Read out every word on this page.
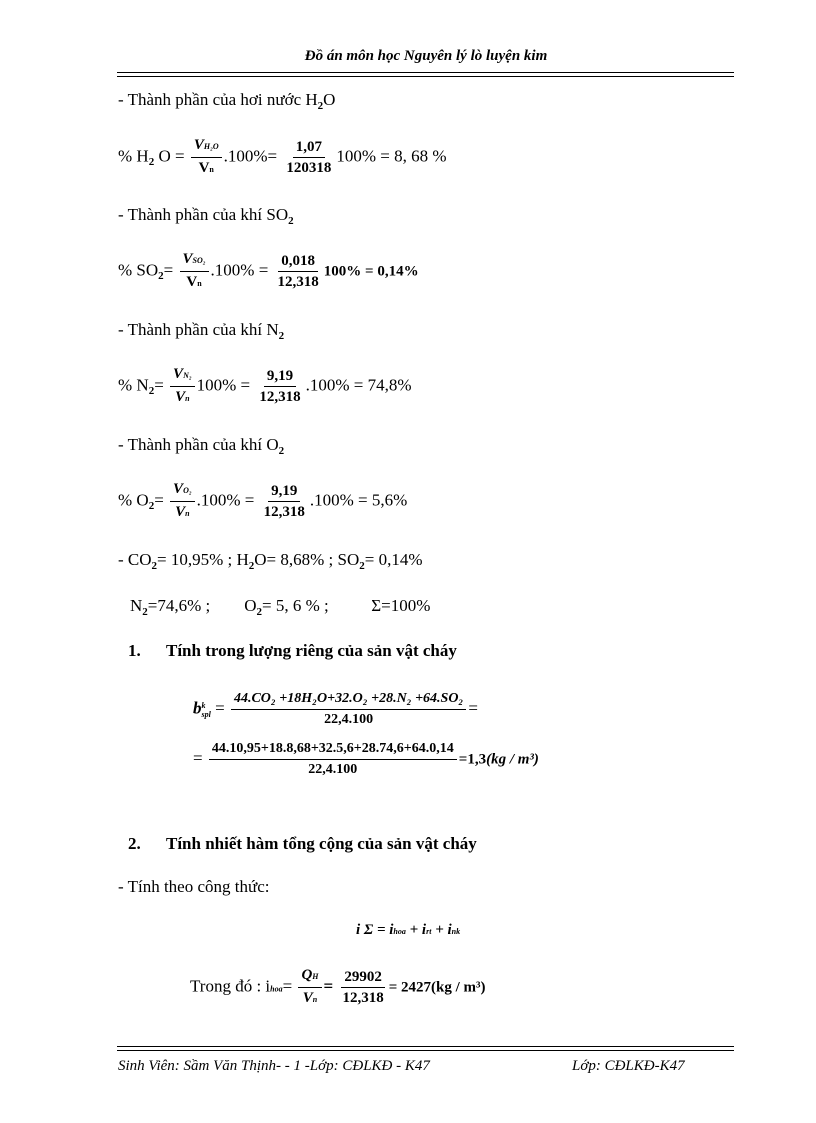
Đồ án môn học Nguyên lý lò luyện kim
- Thành phần của hơi nước $H_2O$
% $H_2$ $O = \frac{\text{VH₂O}}{Vn} .100\%= \frac{1,07}{120318} 100\% = 8$, 68 %
- Thành phần của khí $SO_2$
% $SO_2= \frac{\text{VSO₂}}{Vn} .100\% = \frac{0,018}{12,318} 100\% = 0,14\%$
- Thành phần của khí $N_2$
% $N_2= \frac{\text{VN₂}}{Vn} 100\% = \frac{9,19}{12,318} .100\% = 74,8\%$
- Thành phần của khí $O_2$
% $O_2= \frac{\text{VO₂}}{Vn} .100\% = \frac{9,19}{12,318} .100\% = 5,6\%$
- $CO_2= 10,95\%$ ; $H_2O= 8,68\%$ ; $SO_2= 0,14\%$
$N_2=74,6\%$ ;        $O_2= 5$, 6 % ;          Σ=100%
1. Tính trong lượng riêng của sản vật cháy
b k
spl = $\frac{\text{44.CO₂ +18H₂O+32.O₂ +28.N₂ +64.SO₂}}{22,4.100}$ =
= $\frac{44.10,95+18.8,68+32.5,6+28.74,6+64.0,14}{22,4.100} =1,3(kg / m^3)$
2. Tính nhiết hàm tổng cộng của sản vật cháy
- Tính theo công thức:
i Σ = ihoa + irt + ink
Trong đó : ihoa= $\frac{QH}{Vn} = \frac{29902}{12,318} = 2427(kg / m^3)$
Sinh Viên: Sầm Văn Thịnh- - 1 -Lớp: CĐLKĐ - K47	Lớp: CĐLKĐ-K47
